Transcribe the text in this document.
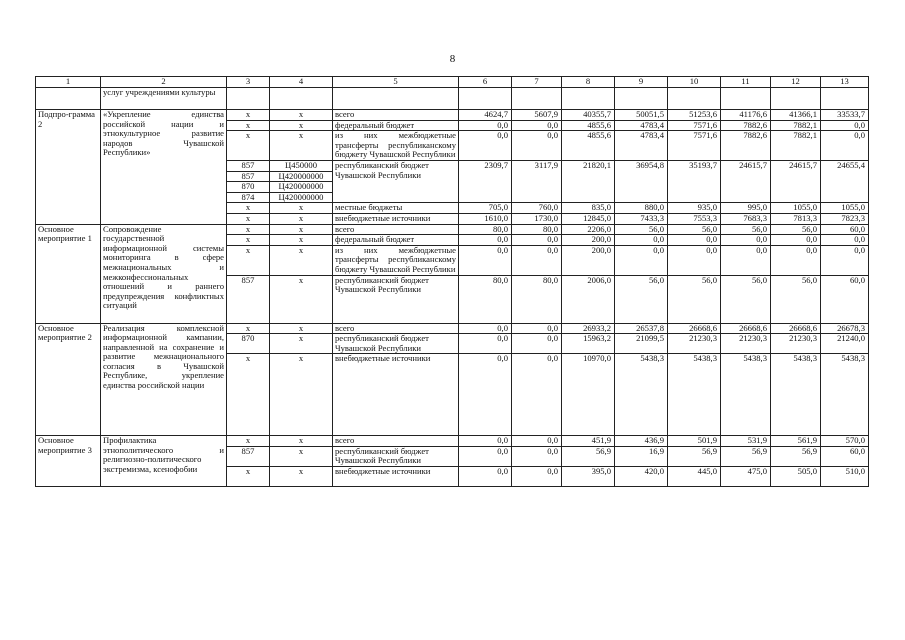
8
1	2	3	4	5	6	7	8	9	10	11	12	13
	услуг учреждениями культуры											
Подпро-грамма 2	«Укрепление единства российской нации и этнокультурное развитие народов Чувашской Республики»	х	х	всего	4624,7	5607,9	40355,7	50051,5	51253,6	41176,6	41366,1	33533,7
		х	х	федеральный бюджет	0,0	0,0	4855,6	4783,4	7571,6	7882,6	7882,1	0,0
		х	х	из них межбюджетные трансферты республиканскому бюджету Чувашской Республики	0,0	0,0	4855,6	4783,4	7571,6	7882,6	7882,1	0,0
		857	Ц450000	республиканский бюджет Чувашской Республики	2309,7	3117,9	21820,1	36954,8	35193,7	24615,7	24615,7	24655,4
		857	Ц420000000									
		870	Ц420000000									
		874	Ц420000000									
		х	х	местные бюджеты	705,0	760,0	835,0	880,0	935,0	995,0	1055,0	1055,0
		х	х	внебюджетные источники	1610,0	1730,0	12845,0	7433,3	7553,3	7683,3	7813,3	7823,3
Основное мероприятие 1	Сопровождение государственной информационной системы мониторинга в сфере межнациональных и межконфессиональных отношений и раннего предупреждения конфликтных ситуаций	х	х	всего	80,0	80,0	2206,0	56,0	56,0	56,0	56,0	60,0
		х	х	федеральный бюджет	0,0	0,0	200,0	0,0	0,0	0,0	0,0	0,0
		х	х	из них межбюджетные трансферты республиканскому бюджету Чувашской Республики	0,0	0,0	200,0	0,0	0,0	0,0	0,0	0,0
		857	х	республиканский бюджет Чувашской Республики	80,0	80,0	2006,0	56,0	56,0	56,0	56,0	60,0
Основное мероприятие 2	Реализация комплексной информационной кампании, направленной на сохранение и развитие межнационального согласия в Чувашской Республике, укрепление единства российской нации	х	х	всего	0,0	0,0	26933,2	26537,8	26668,6	26668,6	26668,6	26678,3
		870	х	республиканский бюджет Чувашской Республики	0,0	0,0	15963,2	21099,5	21230,3	21230,3	21230,3	21240,0
		х	х	внебюджетные источники	0,0	0,0	10970,0	5438,3	5438,3	5438,3	5438,3	5438,3
Основное мероприятие 3	Профилактика этнополитического и религиозно-политического экстремизма, ксенофобии	х	х	всего	0,0	0,0	451,9	436,9	501,9	531,9	561,9	570,0
		857	х	республиканский бюджет Чувашской Республики	0,0	0,0	56,9	16,9	56,9	56,9	56,9	60,0
		х	х	внебюджетные источники	0,0	0,0	395,0	420,0	445,0	475,0	505,0	510,0
